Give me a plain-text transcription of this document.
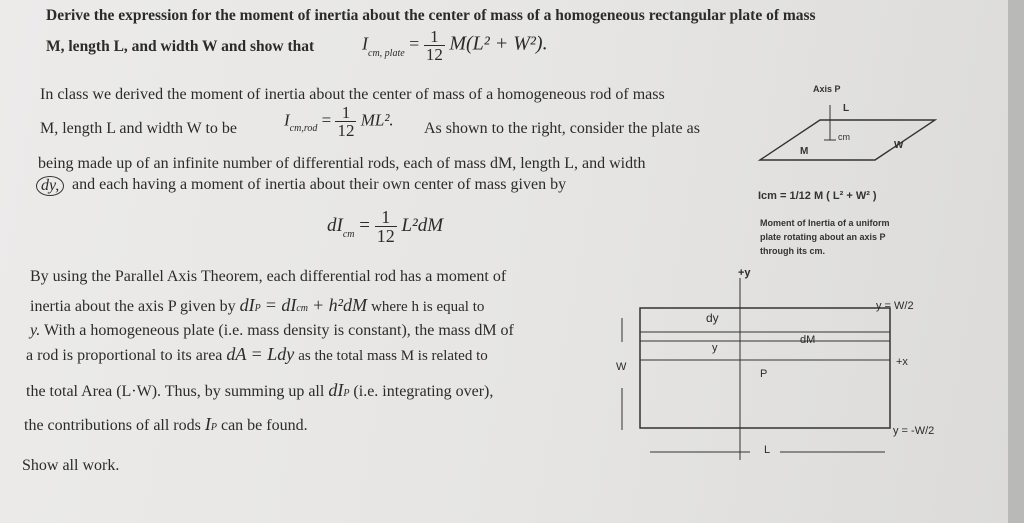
Derive the expression for the moment of inertia about the center of mass of a homogeneous rectangular plate of mass
M, length L, and width W and show that	$I_{cm, plate} = \frac{1}{12} M(L^2 + W^2)$.
In class we derived the moment of inertia about the center of mass of a homogeneous rod of mass
M, length L and width W to be	$I_{cm,rod} = \frac{1}{12} ML^2$. As shown to the right, consider the plate as
being made up of an infinite number of differential rods, each of mass dM, length L, and width
dy, and each having a moment of inertia about their own center of mass given by
$dI_{cm} = \frac{1}{12} L^2dM$
By using the Parallel Axis Theorem, each differential rod has a moment of
inertia about the axis P given by dIP = dIcm + h²dM where h is equal to
y. With a homogeneous plate (i.e. mass density is constant), the mass dM of
a rod is proportional to its area dA = Ldy as the total mass M is related to
the total Area (L·W). Thus, by summing up all dIP (i.e. integrating over),
the contributions of all rods IP can be found.
Show all work.
Axis P
L
cm
M
W
Icm = 1/12 M ( L² + W² )
Moment of Inertia of a uniform
plate rotating about an axis P
through its cm.
+y
y = W/2
dy
dM
y
W
P
+x
y = -W/2
L
